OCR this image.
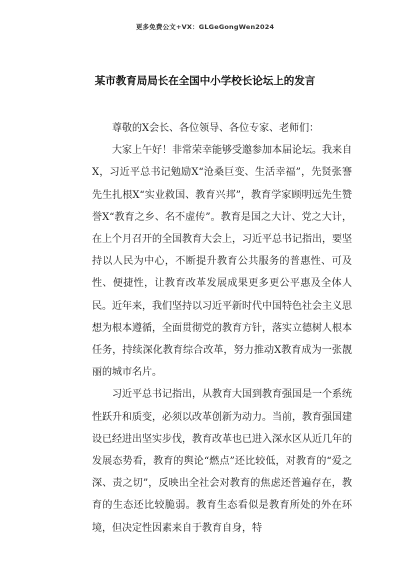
更多免费公文+VX：GLGeGongWen2024
某市教育局局长在全国中小学校长论坛上的发言

尊敬的X会长、各位领导、各位专家、老师们：

大家上午好！非常荣幸能够受邀参加本届论坛。我来自X，习近平总书记勉励X“沧桑巨变、生活幸福”，先贤张謇先生扎根X“实业救国、教育兴邦”，教育学家顾明远先生赞誉X“教育之乡、名不虚传”。教育是国之大计、党之大计，在上个月召开的全国教育大会上，习近平总书记指出，要坚持以人民为中心，不断提升教育公共服务的普惠性、可及性、便捷性，让教育改革发展成果更多更公平惠及全体人民。近年来，我们坚持以习近平新时代中国特色社会主义思想为根本遵循，全面贯彻党的教育方针，落实立德树人根本任务，持续深化教育综合改革，努力推动X教育成为一张靓丽的城市名片。

习近平总书记指出，从教育大国到教育强国是一个系统性跃升和质变，必须以改革创新为动力。当前，教育强国建设已经进出坚实步伐，教育改革也已进入深水区从近几年的发展态势看，教育的舆论“燃点”还比较低，对教育的“爱之深、责之切”，反映出全社会对教育的焦虑还普遍存在，教育的生态还比较脆弱。教育生态看似是教育所处的外在环境，但决定性因素来自于教育自身，特
